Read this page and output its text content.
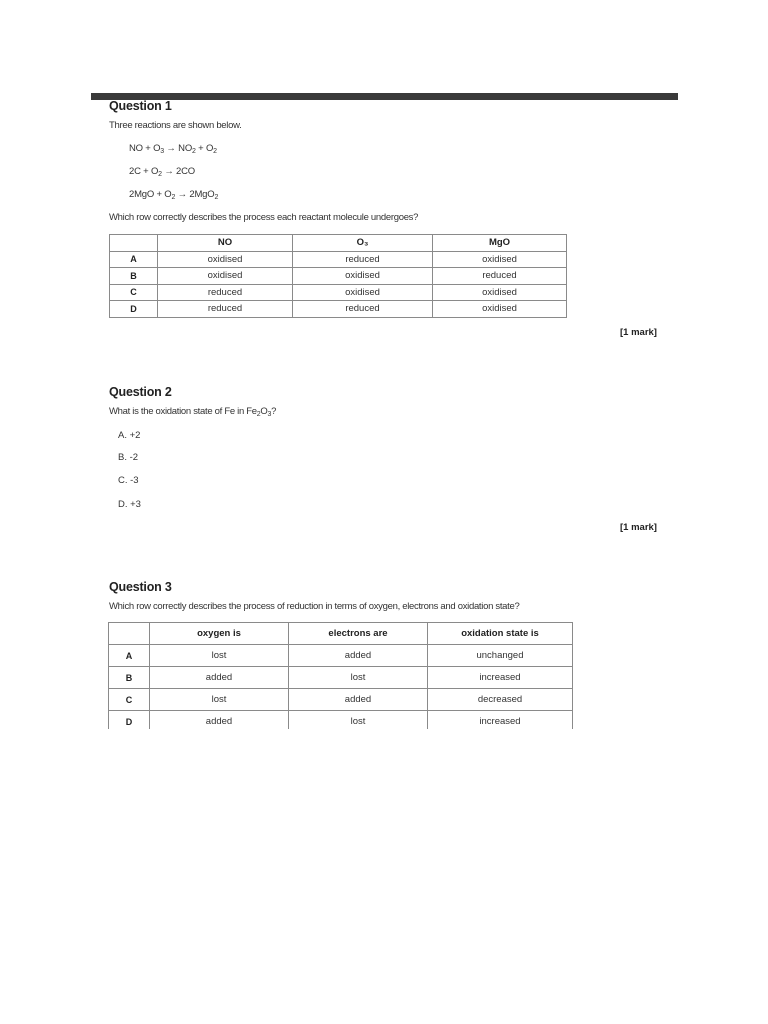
Question 1
Three reactions are shown below.
NO + $O_3 \to NO_2 + O_2$
$2C + O_2 \to 2CO$
$2MgO + O_2 \to 2MgO_2$
Which row correctly describes the process each reactant molecule undergoes?
	NO	O₃	MgO
A	oxidised	reduced	oxidised
B	oxidised	oxidised	reduced
C	reduced	oxidised	oxidised
D	reduced	reduced	oxidised
[1 mark]
Question 2
What is the oxidation state of Fe in $Fe_2O_3$?
A. +2
B. -2
C. -3
D. +3
[1 mark]
Question 3
Which row correctly describes the process of reduction in terms of oxygen, electrons and oxidation state?
	oxygen is	electrons are	oxidation state is
A	lost	added	unchanged
B	added	lost	increased
C	lost	added	decreased
D	added	lost	increased
